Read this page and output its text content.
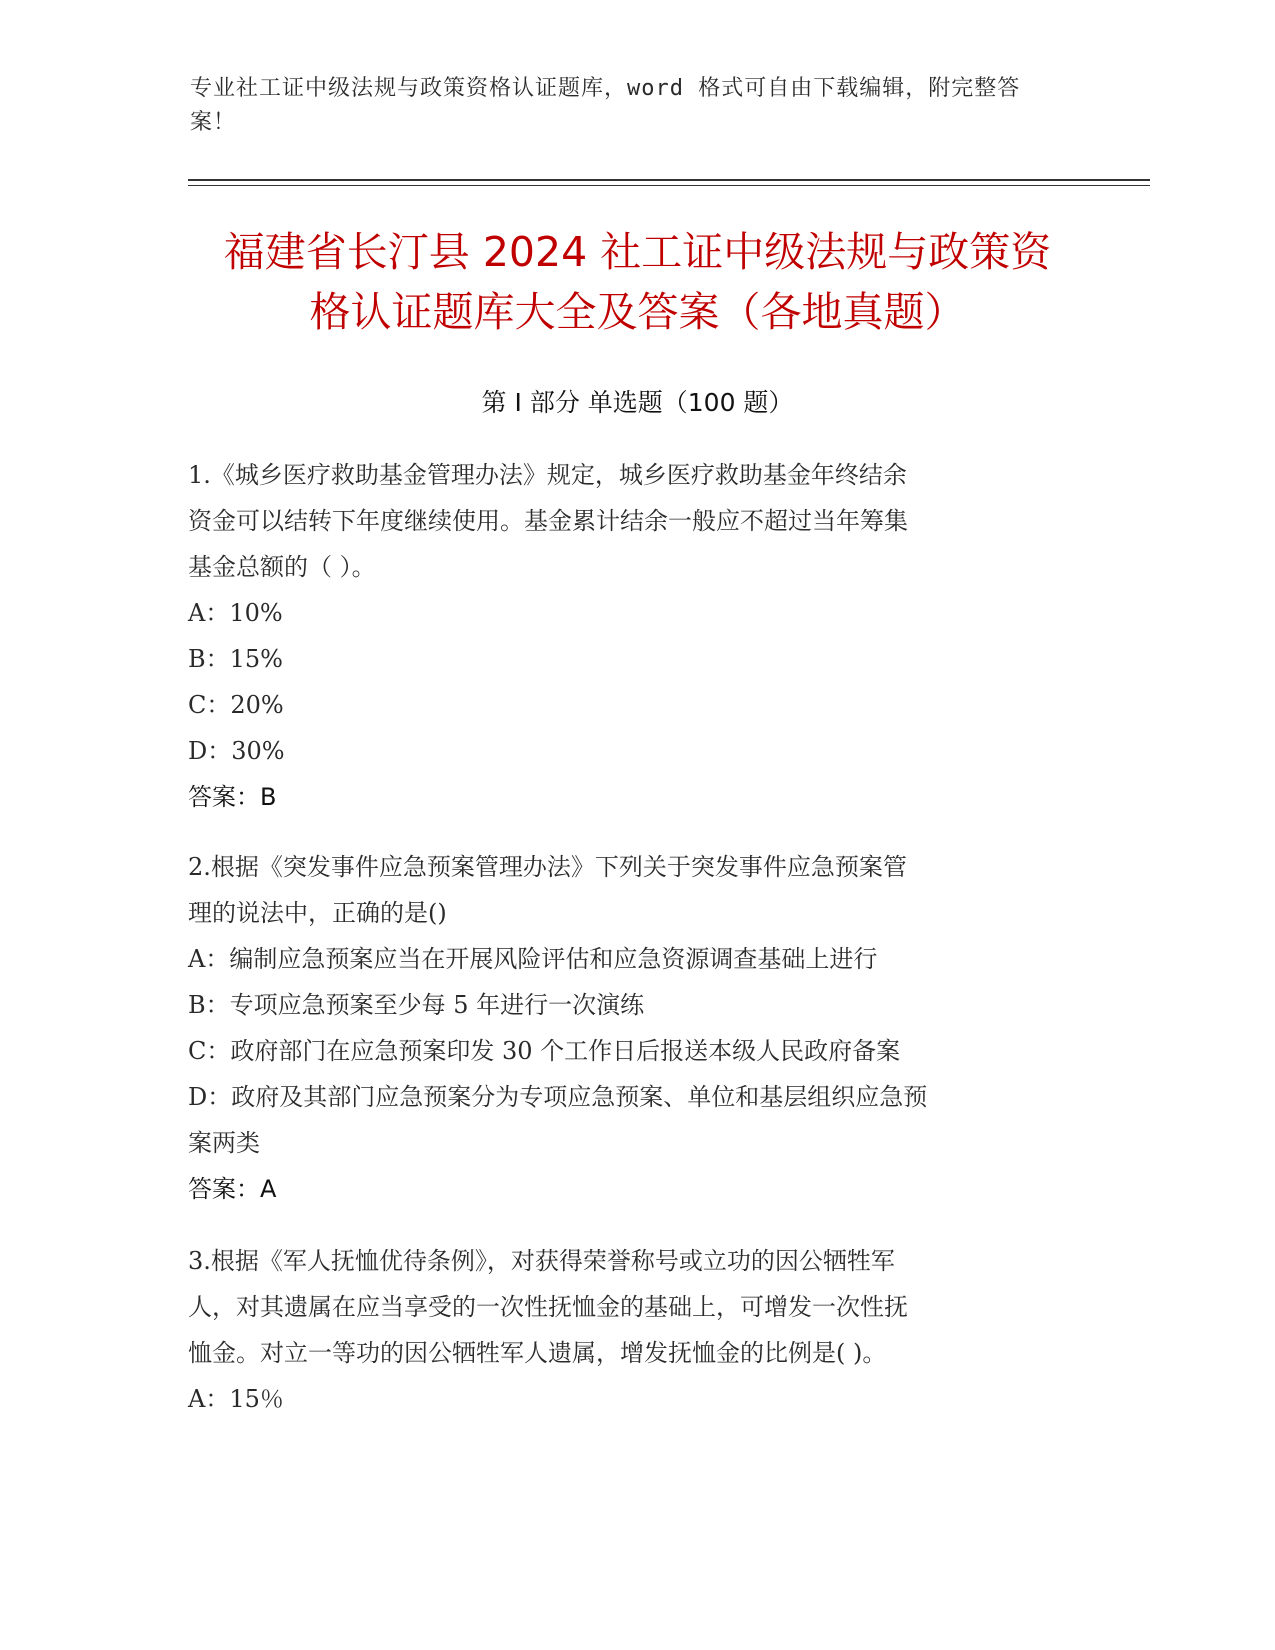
专业社工证中级法规与政策资格认证题库，word 格式可自由下载编辑，附完整答
案！
福建省长汀县 2024 社工证中级法规与政策资
格认证题库大全及答案（各地真题）
第 I 部分 单选题（100 题）
1.《城乡医疗救助基金管理办法》规定，城乡医疗救助基金年终结余
资金可以结转下年度继续使用。基金累计结余一般应不超过当年筹集
基金总额的（ ）。
A：10%
B：15%
C：20%
D：30%
答案：B
2.根据《突发事件应急预案管理办法》下列关于突发事件应急预案管
理的说法中，正确的是()
A：编制应急预案应当在开展风险评估和应急资源调查基础上进行
B：专项应急预案至少每 5 年进行一次演练
C：政府部门在应急预案印发 30 个工作日后报送本级人民政府备案
D：政府及其部门应急预案分为专项应急预案、单位和基层组织应急预
案两类
答案：A
3.根据《军人抚恤优待条例》，对获得荣誉称号或立功的因公牺牲军
人，对其遗属在应当享受的一次性抚恤金的基础上，可增发一次性抚
恤金。对立一等功的因公牺牲军人遗属，增发抚恤金的比例是( )。
A：15％
